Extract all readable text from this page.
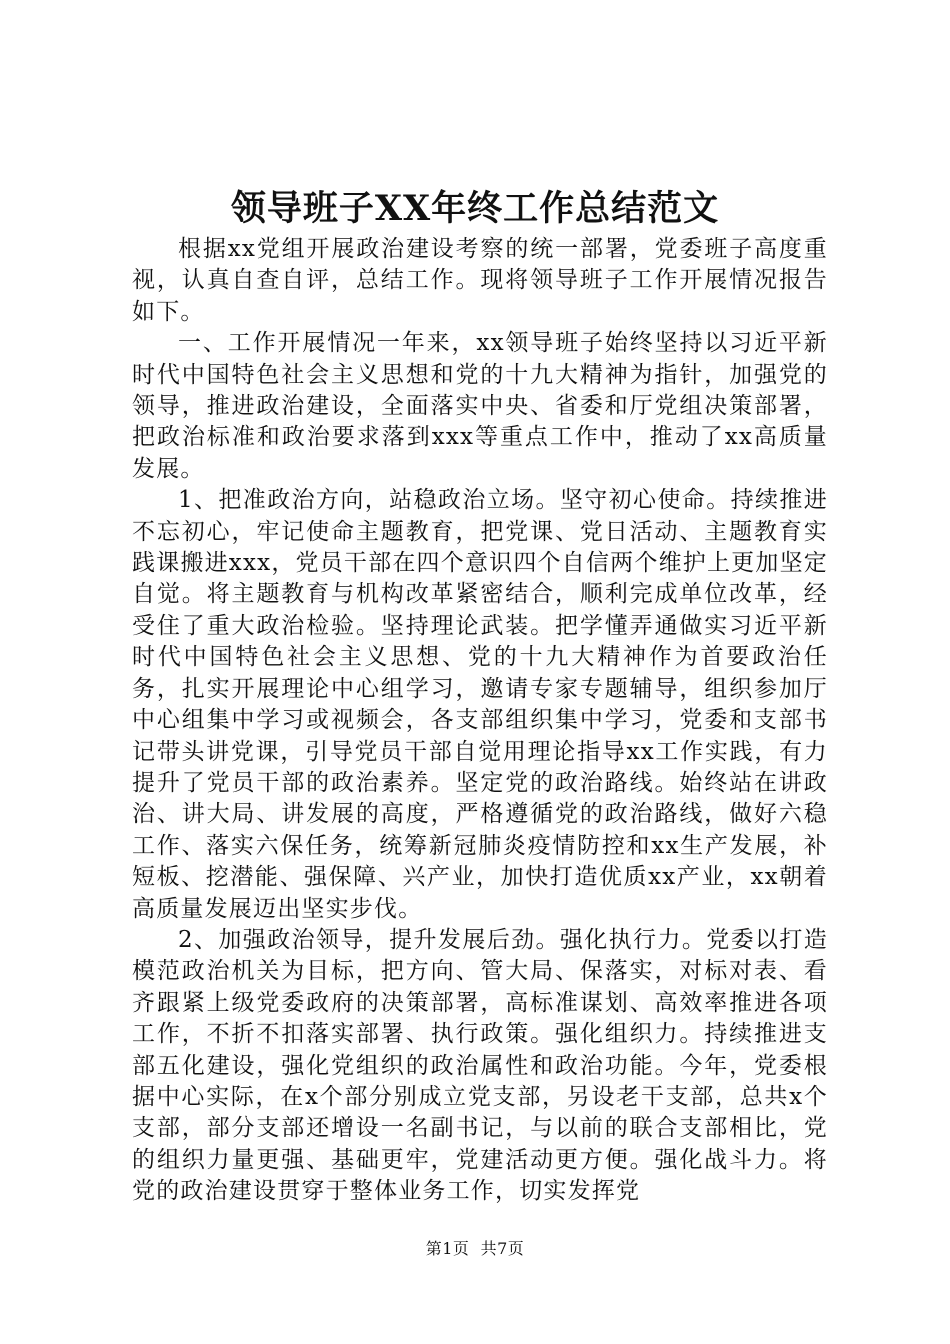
领导班子XX年终工作总结范文

根据xx党组开展政治建设考察的统一部署，党委班子高度重视，认真自查自评，总结工作。现将领导班子工作开展情况报告如下。

一、工作开展情况一年来，xx领导班子始终坚持以习近平新时代中国特色社会主义思想和党的十九大精神为指针，加强党的领导，推进政治建设，全面落实中央、省委和厅党组决策部署，把政治标准和政治要求落到xxx等重点工作中，推动了xx高质量发展。

1、把准政治方向，站稳政治立场。坚守初心使命。持续推进不忘初心，牢记使命主题教育，把党课、党日活动、主题教育实践课搬进xxx，党员干部在四个意识四个自信两个维护上更加坚定自觉。将主题教育与机构改革紧密结合，顺利完成单位改革，经受住了重大政治检验。坚持理论武装。把学懂弄通做实习近平新时代中国特色社会主义思想、党的十九大精神作为首要政治任务，扎实开展理论中心组学习，邀请专家专题辅导，组织参加厅中心组集中学习或视频会，各支部组织集中学习，党委和支部书记带头讲党课，引导党员干部自觉用理论指导xx工作实践，有力提升了党员干部的政治素养。坚定党的政治路线。始终站在讲政治、讲大局、讲发展的高度，严格遵循党的政治路线，做好六稳工作、落实六保任务，统筹新冠肺炎疫情防控和xx生产发展，补短板、挖潜能、强保障、兴产业，加快打造优质xx产业，xx朝着高质量发展迈出坚实步伐。

2、加强政治领导，提升发展后劲。强化执行力。党委以打造模范政治机关为目标，把方向、管大局、保落实，对标对表、看齐跟紧上级党委政府的决策部署，高标准谋划、高效率推进各项工作，不折不扣落实部署、执行政策。强化组织力。持续推进支部五化建设，强化党组织的政治属性和政治功能。今年，党委根据中心实际，在x个部分别成立党支部，另设老干支部，总共x个支部，部分支部还增设一名副书记，与以前的联合支部相比，党的组织力量更强、基础更牢，党建活动更方便。强化战斗力。将党的政治建设贯穿于整体业务工作，切实发挥党

第1页  共7页
